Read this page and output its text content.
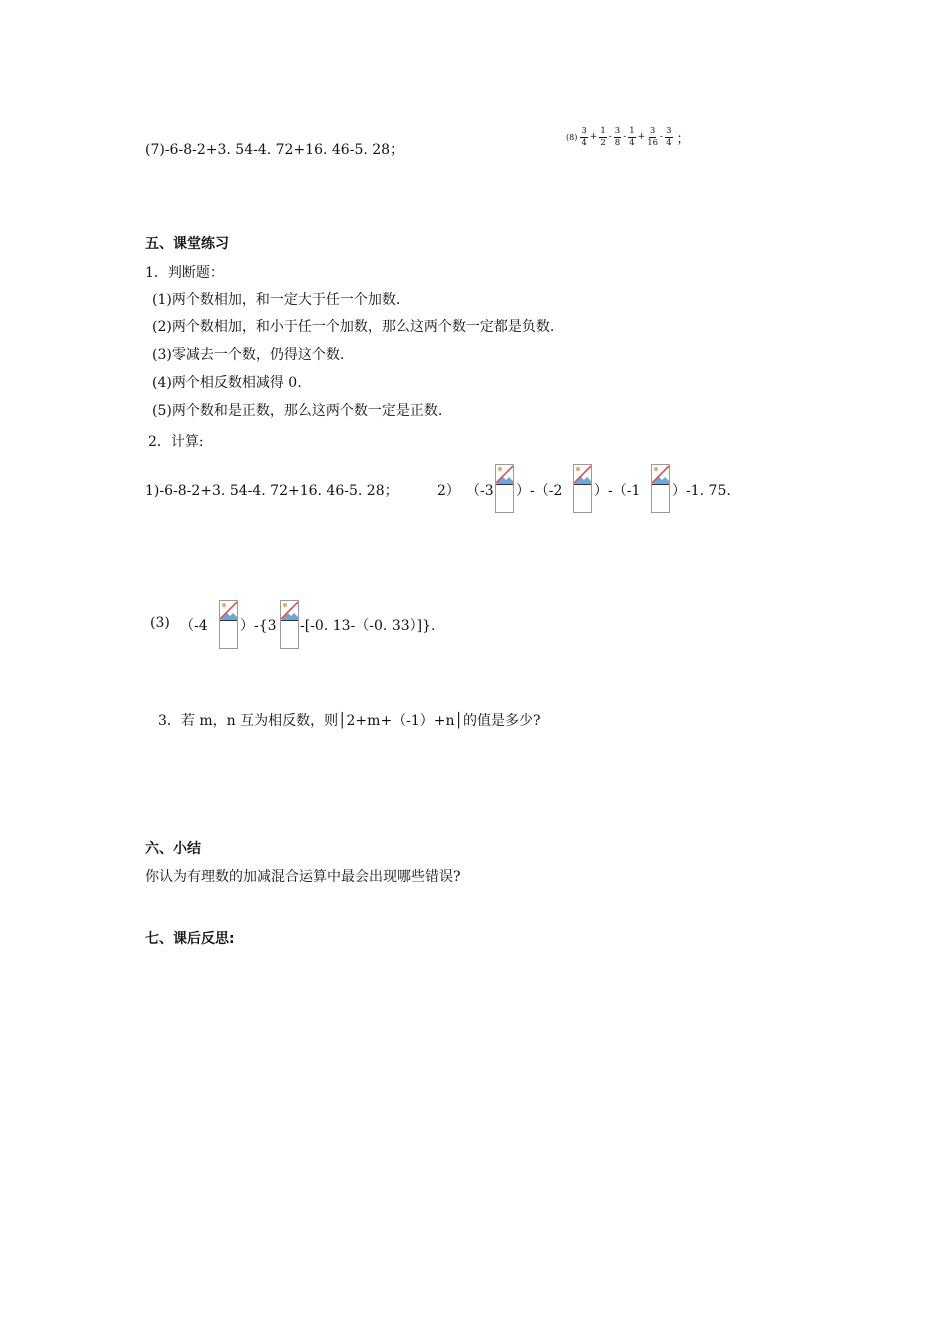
(7)-6-8-2+3. 54-4. 72+16. 46-5. 28；
$(8) \frac{3}{4} + \frac{1}{2} - \frac{3}{8} - \frac{1}{4} + \frac{3}{16} - \frac{3}{4}$ ；
五、课堂练习
1．判断题：
(1)两个数相加，和一定大于任一个加数.
(2)两个数相加，和小于任一个加数，那么这两个数一定都是负数.
(3)零减去一个数，仍得这个数.
(4)两个相反数相减得 0.
(5)两个数和是正数，那么这两个数一定是正数.
2．计算:
1)-6-8-2+3. 54-4. 72+16. 46-5. 28；	2） （-3 ）-（-2 ）-（-1 ）-1. 75.
(3) （-4 ）-{3 -[-0. 13-（-0. 33）]}.
3．若 m，n 互为相反数，则│2+m+（-1）+n│的值是多少?
六、小结
你认为有理数的加减混合运算中最会出现哪些错误?
七、课后反思:
